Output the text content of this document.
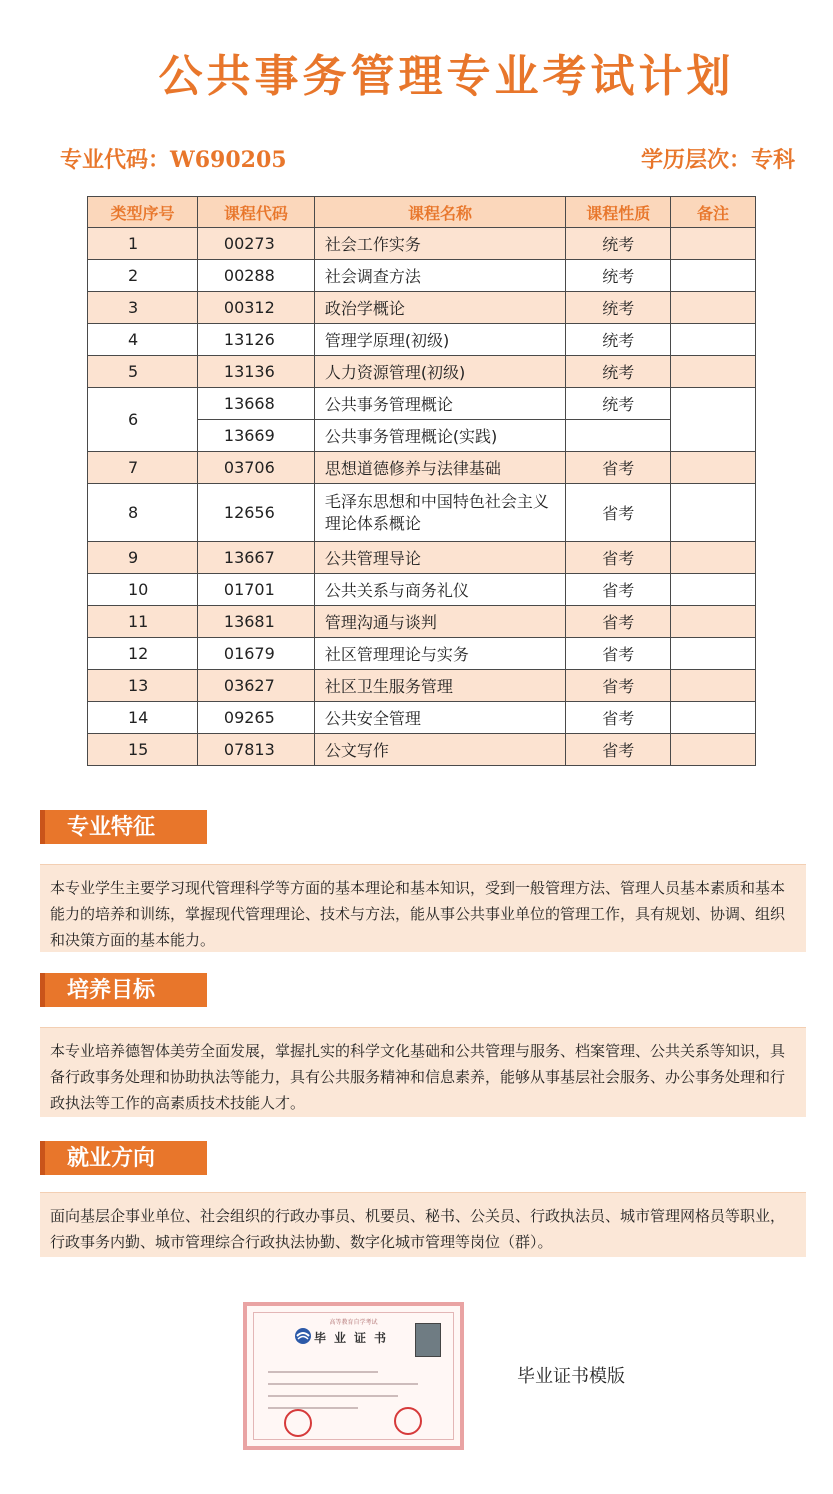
公共事务管理专业考试计划
专业代码：W690205	学历层次：专科
类型序号	课程代码	课程名称	课程性质	备注
1	00273	社会工作实务	统考	
2	00288	社会调查方法	统考	
3	00312	政治学概论	统考	
4	13126	管理学原理(初级)	统考	
5	13136	人力资源管理(初级)	统考	
6	13668	公共事务管理概论	统考	
	13669	公共事务管理概论(实践)		
7	03706	思想道德修养与法律基础	省考	
8	12656	毛泽东思想和中国特色社会主义理论体系概论	省考	
9	13667	公共管理导论	省考	
10	01701	公共关系与商务礼仪	省考	
11	13681	管理沟通与谈判	省考	
12	01679	社区管理理论与实务	省考	
13	03627	社区卫生服务管理	省考	
14	09265	公共安全管理	省考	
15	07813	公文写作	省考	
专业特征
本专业学生主要学习现代管理科学等方面的基本理论和基本知识，受到一般管理方法、管理人员基本素质和基本能力的培养和训练，掌握现代管理理论、技术与方法，能从事公共事业单位的管理工作，具有规划、协调、组织和决策方面的基本能力。
培养目标
本专业培养德智体美劳全面发展，掌握扎实的科学文化基础和公共管理与服务、档案管理、公共关系等知识，具备行政事务处理和协助执法等能力，具有公共服务精神和信息素养，能够从事基层社会服务、办公事务处理和行政执法等工作的高素质技术技能人才。
就业方向
面向基层企事业单位、社会组织的行政办事员、机要员、秘书、公关员、行政执法员、城市管理网格员等职业，行政事务内勤、城市管理综合行政执法协勤、数字化城市管理等岗位（群）。
高等教育自学考试
毕业证书
毕业证书模版
